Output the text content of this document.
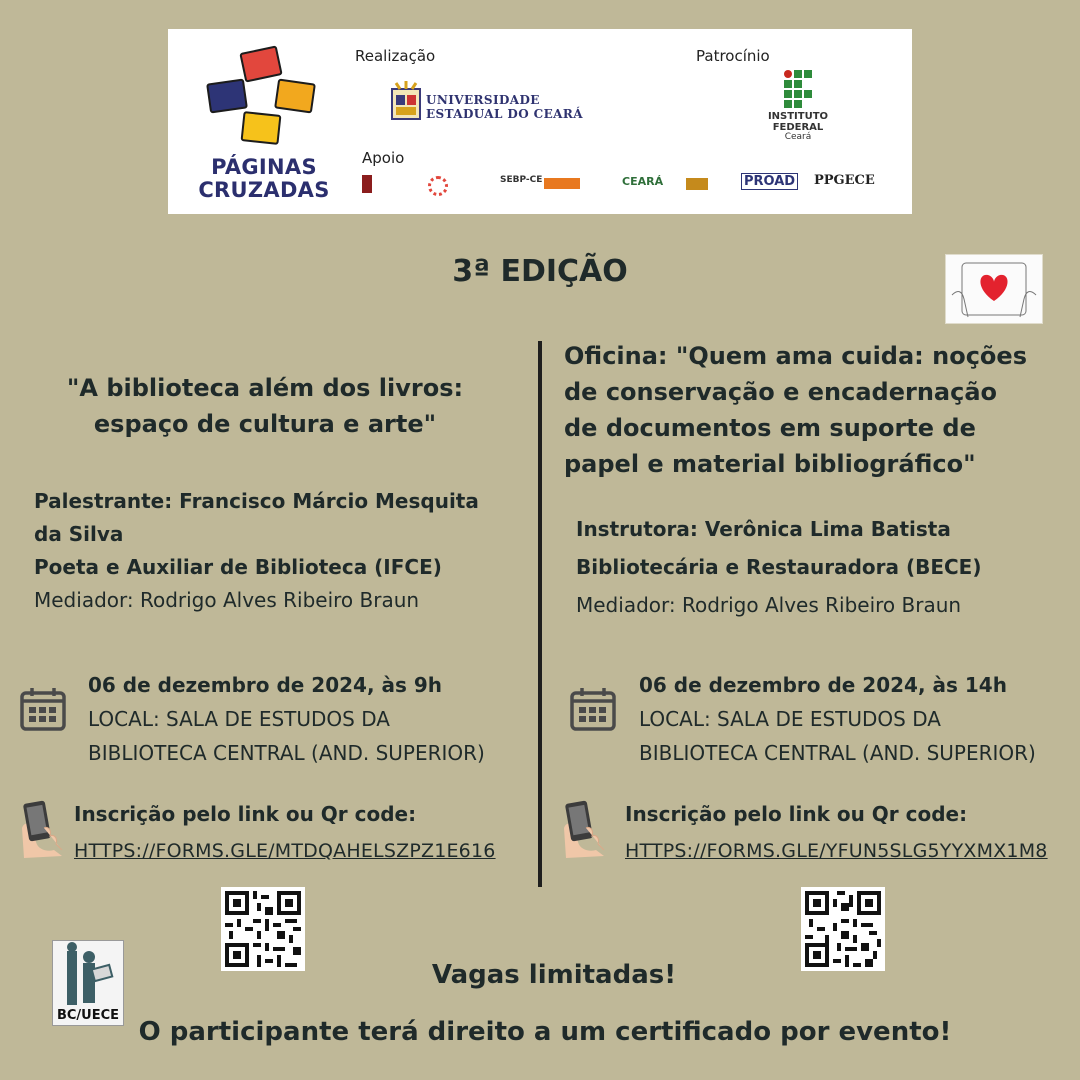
PÁGINAS
CRUZADAS
Realização	Patrocínio
Apoio
UNIVERSIDADE
ESTADUAL DO CEARÁ	INSTITUTO
FEDERAL
Ceará
SEBP-CE	CEARÁ	PROAD PPGECE
3ª EDIÇÃO
"A biblioteca além dos livros:
espaço de cultura e arte"
Palestrante: Francisco Márcio Mesquita
da Silva
Poeta e Auxiliar de Biblioteca (IFCE)
Mediador: Rodrigo Alves Ribeiro Braun
06 de dezembro de 2024, às 9h
LOCAL: SALA DE ESTUDOS DA
BIBLIOTECA CENTRAL (AND. SUPERIOR)
Inscrição pelo link ou Qr code:
HTTPS://FORMS.GLE/MTDQAHELSZPZ1E616
Oficina: "Quem ama cuida: noções
de conservação e encadernação
de documentos em suporte de
papel e material bibliográfico"
Instrutora: Verônica Lima Batista
Bibliotecária e Restauradora (BECE)
Mediador: Rodrigo Alves Ribeiro Braun
06 de dezembro de 2024, às 14h
LOCAL: SALA DE ESTUDOS DA
BIBLIOTECA CENTRAL (AND. SUPERIOR)
Inscrição pelo link ou Qr code:
HTTPS://FORMS.GLE/YFUN5SLG5YYXMX1M8
BC/UECE
Vagas limitadas!
O participante terá direito a um certificado por evento!
